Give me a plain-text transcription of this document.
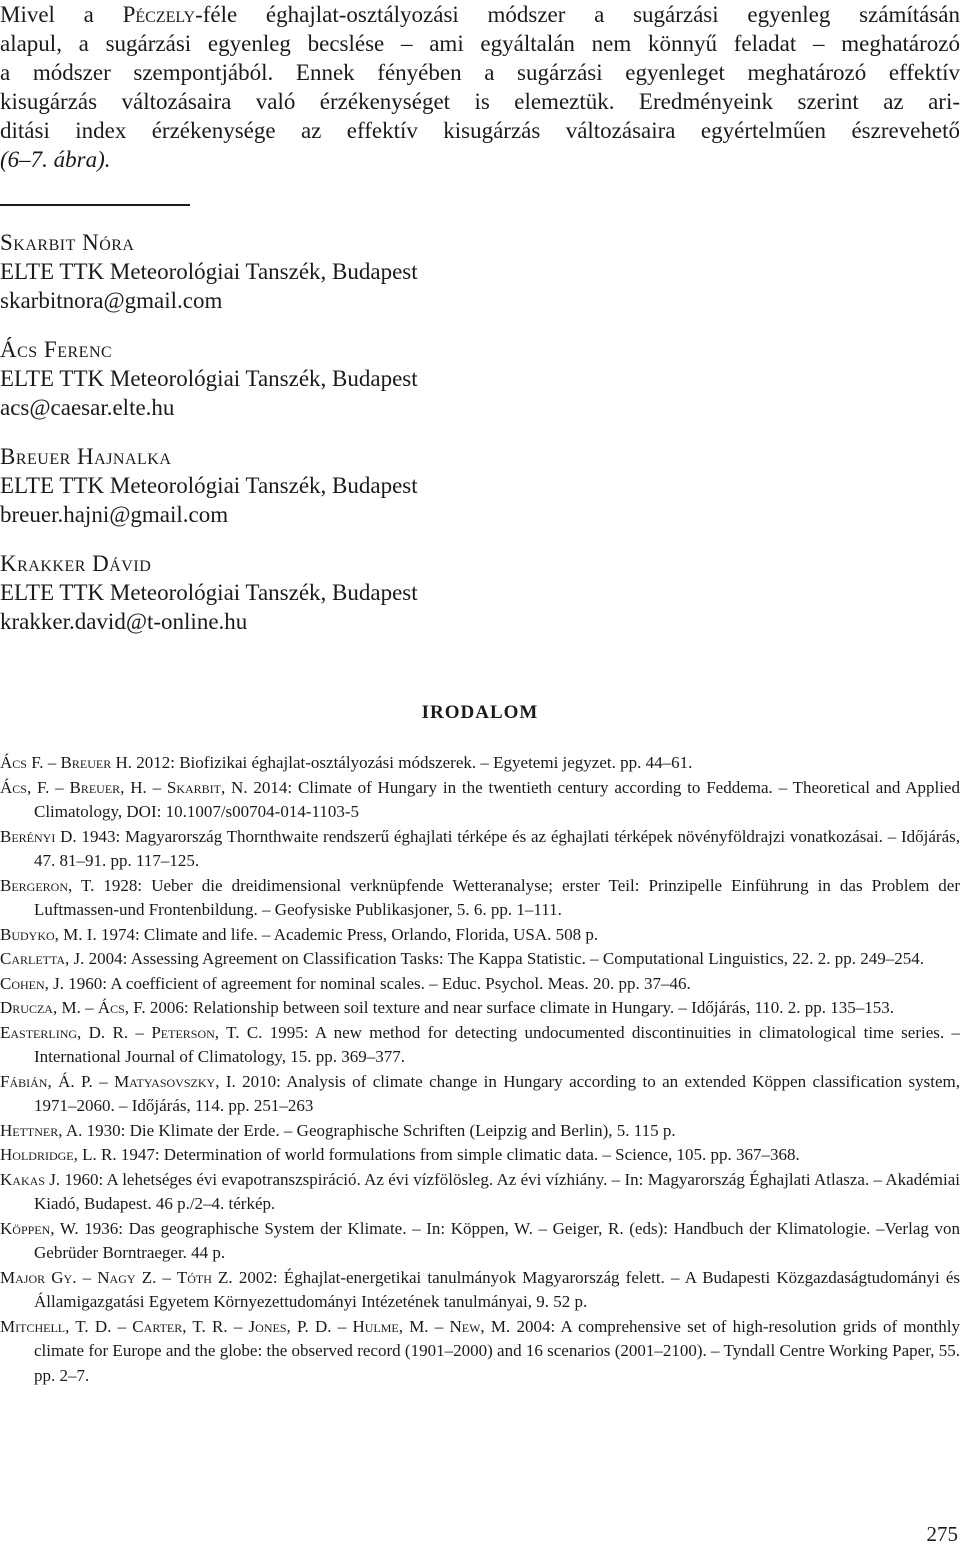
Mivel a Péczely-féle éghajlat-osztályozási módszer a sugárzási egyenleg számításán
alapul, a sugárzási egyenleg becslése – ami egyáltalán nem könnyű feladat – meghatározó
a módszer szempontjából. Ennek fényében a sugárzási egyenleget meghatározó effektív
kisugárzás változásaira való érzékenységet is elemeztük. Eredményeink szerint az ari-
ditási index érzékenysége az effektív kisugárzás változásaira egyértelműen észrevehető
(6–7. ábra).
Skarbit Nóra
ELTE TTK Meteorológiai Tanszék, Budapest
skarbitnora@gmail.com
Ács Ferenc
ELTE TTK Meteorológiai Tanszék, Budapest
acs@caesar.elte.hu
Breuer Hajnalka
ELTE TTK Meteorológiai Tanszék, Budapest
breuer.hajni@gmail.com
Krakker Dávid
ELTE TTK Meteorológiai Tanszék, Budapest
krakker.david@t-online.hu
IRODALOM
Ács F. – Breuer H. 2012: Biofizikai éghajlat-osztályozási módszerek. – Egyetemi jegyzet. pp. 44–61.
Ács, F. – Breuer, H. – Skarbit, N. 2014: Climate of Hungary in the twentieth century according to Feddema. – Theoretical and Applied Climatology, DOI: 10.1007/s00704-014-1103-5
Berényi D. 1943: Magyarország Thornthwaite rendszerű éghajlati térképe és az éghajlati térképek növényföldrajzi vonatkozásai. – Időjárás, 47. 81–91. pp. 117–125.
Bergeron, T. 1928: Ueber die dreidimensional verknüpfende Wetteranalyse; erster Teil: Prinzipelle Einführung in das Problem der Luftmassen-und Frontenbildung. – Geofysiske Publikasjoner, 5. 6. pp. 1–111.
Budyko, M. I. 1974: Climate and life. – Academic Press, Orlando, Florida, USA. 508 p.
Carletta, J. 2004: Assessing Agreement on Classification Tasks: The Kappa Statistic. – Computational Linguistics, 22. 2. pp. 249–254.
Cohen, J. 1960: A coefficient of agreement for nominal scales. – Educ. Psychol. Meas. 20. pp. 37–46.
Drucza, M. – Ács, F. 2006: Relationship between soil texture and near surface climate in Hungary. – Időjárás, 110. 2. pp. 135–153.
Easterling, D. R. – Peterson, T. C. 1995: A new method for detecting undocumented discontinuities in climatological time series. – International Journal of Climatology, 15. pp. 369–377.
Fábián, Á. P. – Matyasovszky, I. 2010: Analysis of climate change in Hungary according to an extended Köppen classification system, 1971–2060. – Időjárás, 114. pp. 251–263
Hettner, A. 1930: Die Klimate der Erde. – Geographische Schriften (Leipzig and Berlin), 5. 115 p.
Holdridge, L. R. 1947: Determination of world formulations from simple climatic data. – Science, 105. pp. 367–368.
Kakas J. 1960: A lehetséges évi evapotranszspiráció. Az évi vízfölösleg. Az évi vízhiány. – In: Magyarország Éghajlati Atlasza. – Akadémiai Kiadó, Budapest. 46 p./2–4. térkép.
Köppen, W. 1936: Das geographische System der Klimate. – In: Köppen, W. – Geiger, R. (eds): Handbuch der Klimatologie. –Verlag von Gebrüder Borntraeger. 44 p.
Major Gy. – Nagy Z. – Tóth Z. 2002: Éghajlat-energetikai tanulmányok Magyarország felett. – A Budapesti Közgazdaságtudományi és Államigazgatási Egyetem Környezettudományi Intézetének tanulmányai, 9. 52 p.
Mitchell, T. D. – Carter, T. R. – Jones, P. D. – Hulme, M. – New, M. 2004: A comprehensive set of high-resolution grids of monthly climate for Europe and the globe: the observed record (1901–2000) and 16 scenarios (2001–2100). – Tyndall Centre Working Paper, 55. pp. 2–7.
275
